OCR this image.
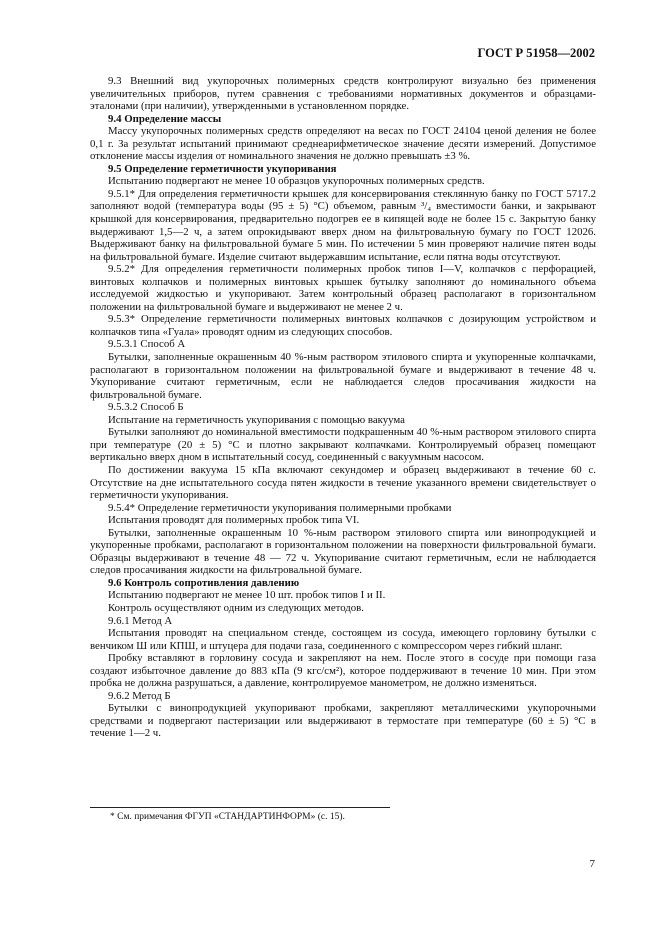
ГОСТ Р 51958—2002

9.3 Внешний вид укупорочных полимерных средств контролируют визуально без применения увеличительных приборов, путем сравнения с требованиями нормативных документов и образцами-эталонами (при наличии), утвержденными в установленном порядке.

9.4 Определение массы

Массу укупорочных полимерных средств определяют на весах по ГОСТ 24104 ценой деления не более 0,1 г. За результат испытаний принимают среднеарифметическое значение десяти измерений. Допустимое отклонение массы изделия от номинального значения не должно превышать ±3 %.

9.5 Определение герметичности укупоривания

Испытанию подвергают не менее 10 образцов укупорочных полимерных средств.

9.5.1* Для определения герметичности крышек для консервирования стеклянную банку по ГОСТ 5717.2 заполняют водой (температура воды (95 ± 5) °С) объемом, равным ³/₄ вместимости банки, и закрывают крышкой для консервирования, предварительно подогрев ее в кипящей воде не более 15 с. Закрытую банку выдерживают 1,5—2 ч, а затем опрокидывают вверх дном на фильтровальную бумагу по ГОСТ 12026. Выдерживают банку на фильтровальной бумаге 5 мин. По истечении 5 мин проверяют наличие пятен воды на фильтровальной бумаге. Изделие считают выдержавшим испытание, если пятна воды отсутствуют.

9.5.2* Для определения герметичности полимерных пробок типов I—V, колпачков с перфорацией, винтовых колпачков и полимерных винтовых крышек бутылку заполняют до номинального объема исследуемой жидкостью и укупоривают. Затем контрольный образец располагают в горизонтальном положении на фильтровальной бумаге и выдерживают не менее 2 ч.

9.5.3* Определение герметичности полимерных винтовых колпачков с дозирующим устройством и колпачков типа «Гуала» проводят одним из следующих способов.

9.5.3.1 Способ А

Бутылки, заполненные окрашенным 40 %-ным раствором этилового спирта и укупоренные колпачками, располагают в горизонтальном положении на фильтровальной бумаге и выдерживают в течение 48 ч. Укупоривание считают герметичным, если не наблюдается следов просачивания жидкости на фильтровальной бумаге.

9.5.3.2 Способ Б

Испытание на герметичность укупоривания с помощью вакуума

Бутылки заполняют до номинальной вместимости подкрашенным 40 %-ным раствором этилового спирта при температуре (20 ± 5) °С и плотно закрывают колпачками. Контролируемый образец помещают вертикально вверх дном в испытательный сосуд, соединенный с вакуумным насосом.

По достижении вакуума 15 кПа включают секундомер и образец выдерживают в течение 60 с. Отсутствие на дне испытательного сосуда пятен жидкости в течение указанного времени свидетельствует о герметичности укупоривания.

9.5.4* Определение герметичности укупоривания полимерными пробками

Испытания проводят для полимерных пробок типа VI.

Бутылки, заполненные окрашенным 10 %-ным раствором этилового спирта или винопродукцией и укупоренные пробками, располагают в горизонтальном положении на поверхности фильтровальной бумаги. Образцы выдерживают в течение 48 — 72 ч. Укупоривание считают герметичным, если не наблюдается следов просачивания жидкости на фильтровальной бумаге.

9.6 Контроль сопротивления давлению

Испытанию подвергают не менее 10 шт. пробок типов I и II.

Контроль осуществляют одним из следующих методов.

9.6.1 Метод А

Испытания проводят на специальном стенде, состоящем из сосуда, имеющего горловину бутылки с венчиком Ш или КПШ, и штуцера для подачи газа, соединенного с компрессором через гибкий шланг.

Пробку вставляют в горловину сосуда и закрепляют на нем. После этого в сосуде при помощи газа создают избыточное давление до 883 кПа (9 кгс/см²), которое поддерживают в течение 10 мин. При этом пробка не должна разрушаться, а давление, контролируемое манометром, не должно изменяться.

9.6.2 Метод Б

Бутылки с винопродукцией укупоривают пробками, закрепляют металлическими укупорочными средствами и подвергают пастеризации или выдерживают в термостате при температуре (60 ± 5) °С в течение 1—2 ч.

* См. примечания ФГУП «СТАНДАРТИНФОРМ» (с. 15).
7
